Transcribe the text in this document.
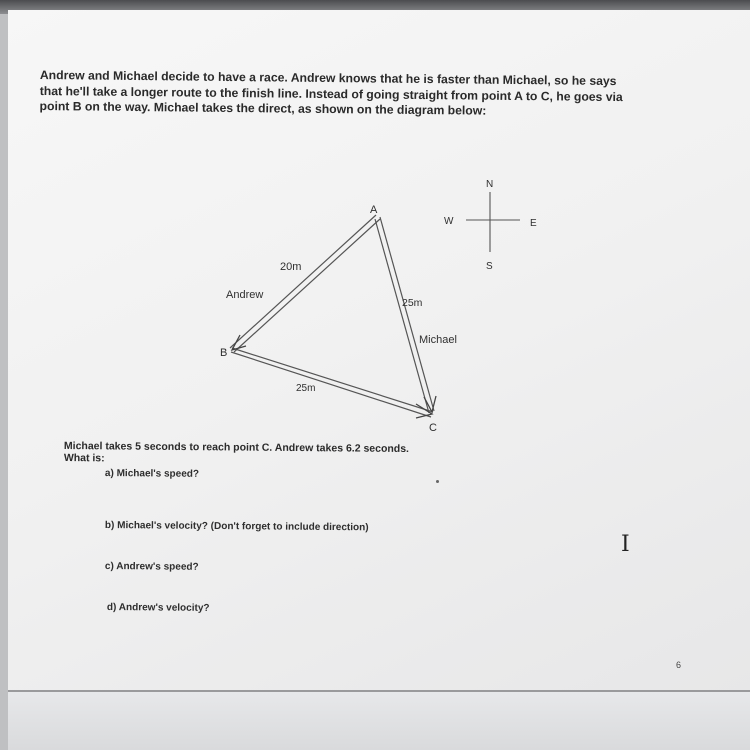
Andrew and Michael decide to have a race. Andrew knows that he is faster than Michael, so he says
that he'll take a longer route to the finish line. Instead of going straight from point A to C, he goes via
point B on the way. Michael takes the direct, as shown on the diagram below:
A
B
C
20m
25m
25m
Andrew
Michael
N
E
S
W
Michael takes 5 seconds to reach point C. Andrew takes 6.2 seconds.
What is:
a) Michael's speed?
b) Michael's velocity? (Don't forget to include direction)
c) Andrew's speed?
d) Andrew's velocity?
I
6
